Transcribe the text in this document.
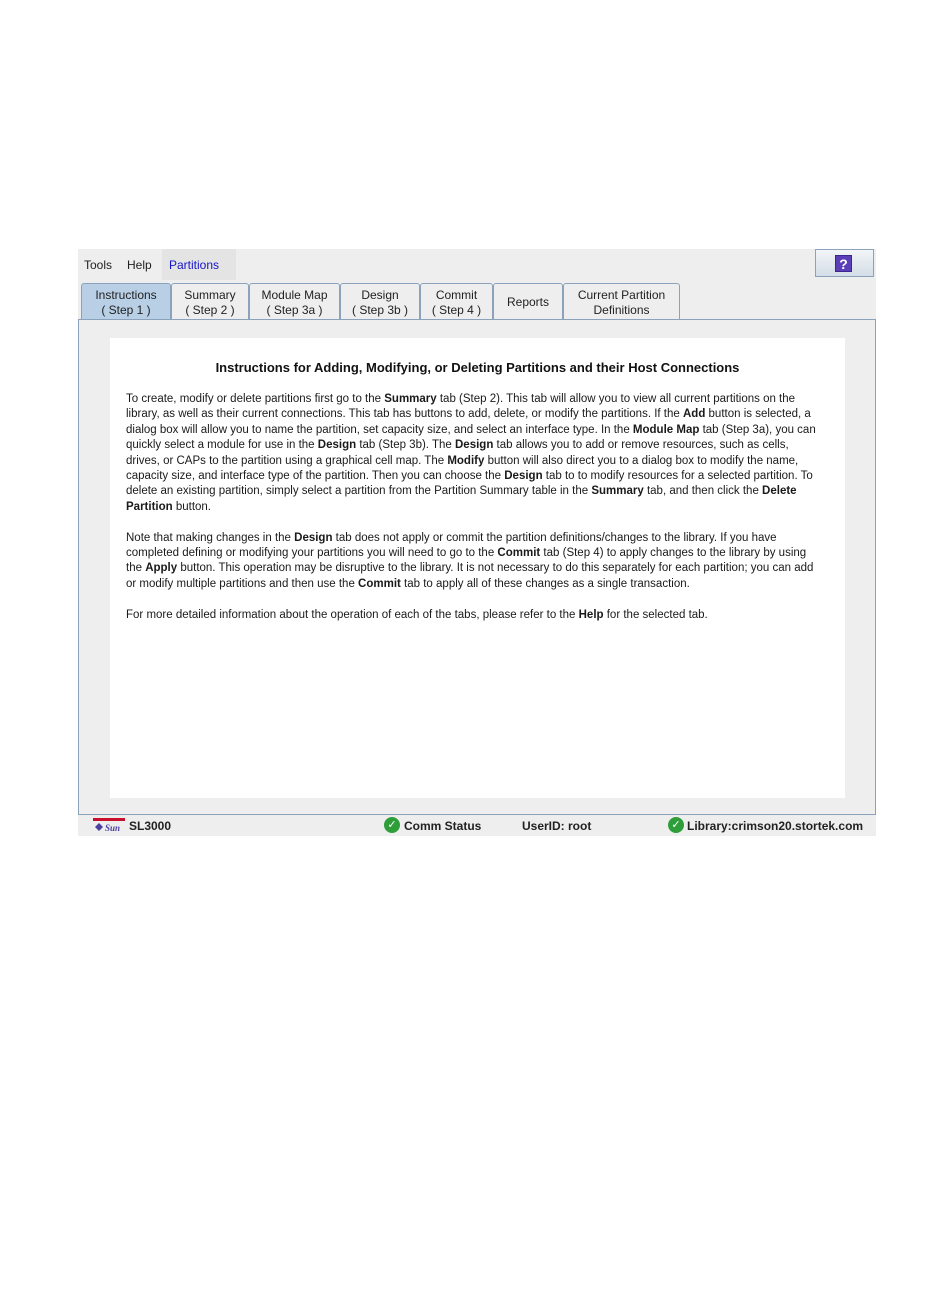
Tools Help Partitions	?
Instructions
( Step 1 )
Summary
( Step 2 )
Module Map
( Step 3a )
Design
( Step 3b )
Commit
( Step 4 )
Reports	Current Partition
Definitions
Instructions for Adding, Modifying, or Deleting Partitions and their Host Connections

To create, modify or delete partitions first go to the Summary tab (Step 2). This tab will allow you to view all current partitions on the library, as well as their current connections. This tab has buttons to add, delete, or modify the partitions. If the Add button is selected, a dialog box will allow you to name the partition, set capacity size, and select an interface type. In the Module Map tab (Step 3a), you can quickly select a module for use in the Design tab (Step 3b). The Design tab allows you to add or remove resources, such as cells, drives, or CAPs to the partition using a graphical cell map. The Modify button will also direct you to a dialog box to modify the name, capacity size, and interface type of the partition. Then you can choose the Design tab to to modify resources for a selected partition. To delete an existing partition, simply select a partition from the Partition Summary table in the Summary tab, and then click the Delete Partition button.

Note that making changes in the Design tab does not apply or commit the partition definitions/changes to the library. If you have completed defining or modifying your partitions you will need to go to the Commit tab (Step 4) to apply changes to the library by using the Apply button. This operation may be disruptive to the library. It is not necessary to do this separately for each partition; you can add or modify multiple partitions and then use the Commit tab to apply all of these changes as a single transaction.

For more detailed information about the operation of each of the tabs, please refer to the Help for the selected tab.

Sun SL3000	✓ Comm Status	UserID: root	✓ Library:crimson20.stortek.com
